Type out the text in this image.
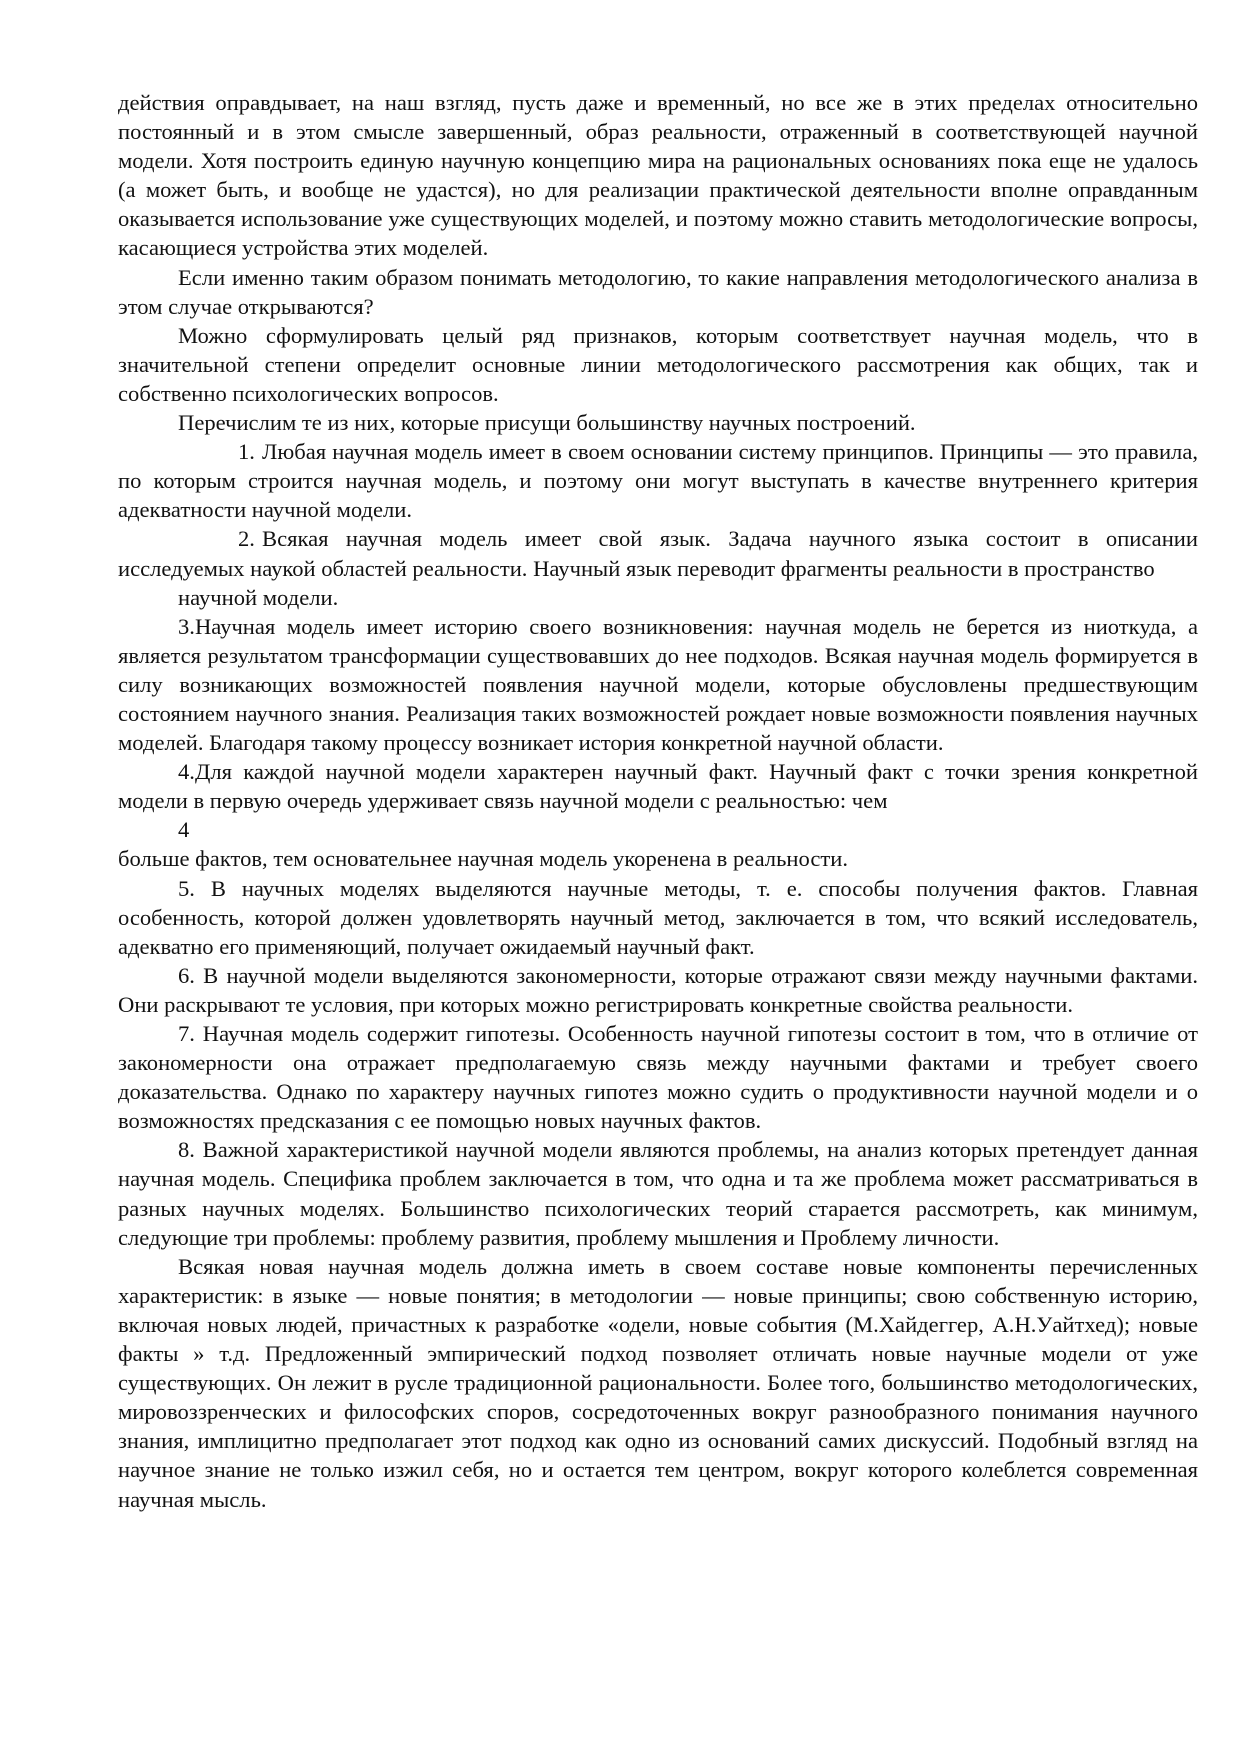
действия оправдывает, на наш взгляд, пусть даже и временный, но все же в этих пределах относительно постоянный и в этом смысле завершенный, образ реальности, отраженный в соответствующей научной модели. Хотя построить единую научную концепцию мира на рациональных основаниях пока еще не удалось (а может быть, и вообще не удастся), но для реализации практической деятельности вполне оправданным оказывается использование уже существующих моделей, и поэтому можно ставить методологические вопросы, касающиеся устройства этих моделей.

Если именно таким образом понимать методологию, то какие направления методологического анализа в этом случае открываются?

Можно сформулировать целый ряд признаков, которым соответствует научная модель, что в значительной степени определит основные линии методологического рассмотрения как общих, так и собственно психологических вопросов.

Перечислим те из них, которые присущи большинству научных построений.

1. Любая научная модель имеет в своем основании систему принципов. Принципы — это правила, по которым строится научная модель, и поэтому они могут выступать в качестве внутреннего критерия адекватности научной модели.

2. Всякая научная модель имеет свой язык. Задача научного языка состоит в описании исследуемых наукой областей реальности. Научный язык переводит фрагменты реальности в пространство

научной модели.

3.Научная модель имеет историю своего возникновения: научная модель не берется из ниоткуда, а является результатом трансформации существовавших до нее подходов. Всякая научная модель формируется в силу возникающих возможностей появления научной модели, которые обусловлены предшествующим состоянием научного знания. Реализация таких возможностей рождает новые возможности появления научных моделей. Благодаря такому процессу возникает история конкретной научной области.

4.Для каждой научной модели характерен научный факт. Научный факт с точки зрения конкретной модели в первую очередь удерживает связь научной модели с реальностью: чем

4

больше фактов, тем основательнее научная модель укоренена в реальности.

5. В научных моделях выделяются научные методы, т. е. способы получения фактов. Главная особенность, которой должен удовлетворять научный метод, заключается в том, что всякий исследователь, адекватно его применяющий, получает ожидаемый научный факт.

6. В научной модели выделяются закономерности, которые отражают связи между научными фактами. Они раскрывают те условия, при которых можно регистрировать конкретные свойства реальности.

7. Научная модель содержит гипотезы. Особенность научной гипотезы состоит в том, что в отличие от закономерности она отражает предполагаемую связь между научными фактами и требует своего доказательства. Однако по характеру научных гипотез можно судить о продуктивности научной модели и о возможностях предсказания с ее помощью новых научных фактов.

8. Важной характеристикой научной модели являются проблемы, на анализ которых претендует данная научная модель. Специфика проблем заключается в том, что одна и та же проблема может рассматриваться в разных научных моделях. Большинство психологических теорий старается рассмотреть, как минимум, следующие три проблемы: проблему развития, проблему мышления и Проблему личности.

Всякая новая научная модель должна иметь в своем составе новые компоненты перечисленных характеристик: в языке — новые понятия; в методологии — новые принципы; свою собственную историю, включая новых людей, причастных к разработке «одели, новые события (М.Хайдеггер, А.Н.Уайтхед); новые факты » т.д. Предложенный эмпирический подход позволяет отличать новые научные модели от уже существующих. Он лежит в русле традиционной рациональности. Более того, большинство методологических, мировоззренческих и философских споров, сосредоточенных вокруг разнообразного понимания научного знания, имплицитно предполагает этот подход как одно из оснований самих дискуссий. Подобный взгляд на научное знание не только изжил себя, но и остается тем центром, вокруг которого колеблется современная научная мысль.
